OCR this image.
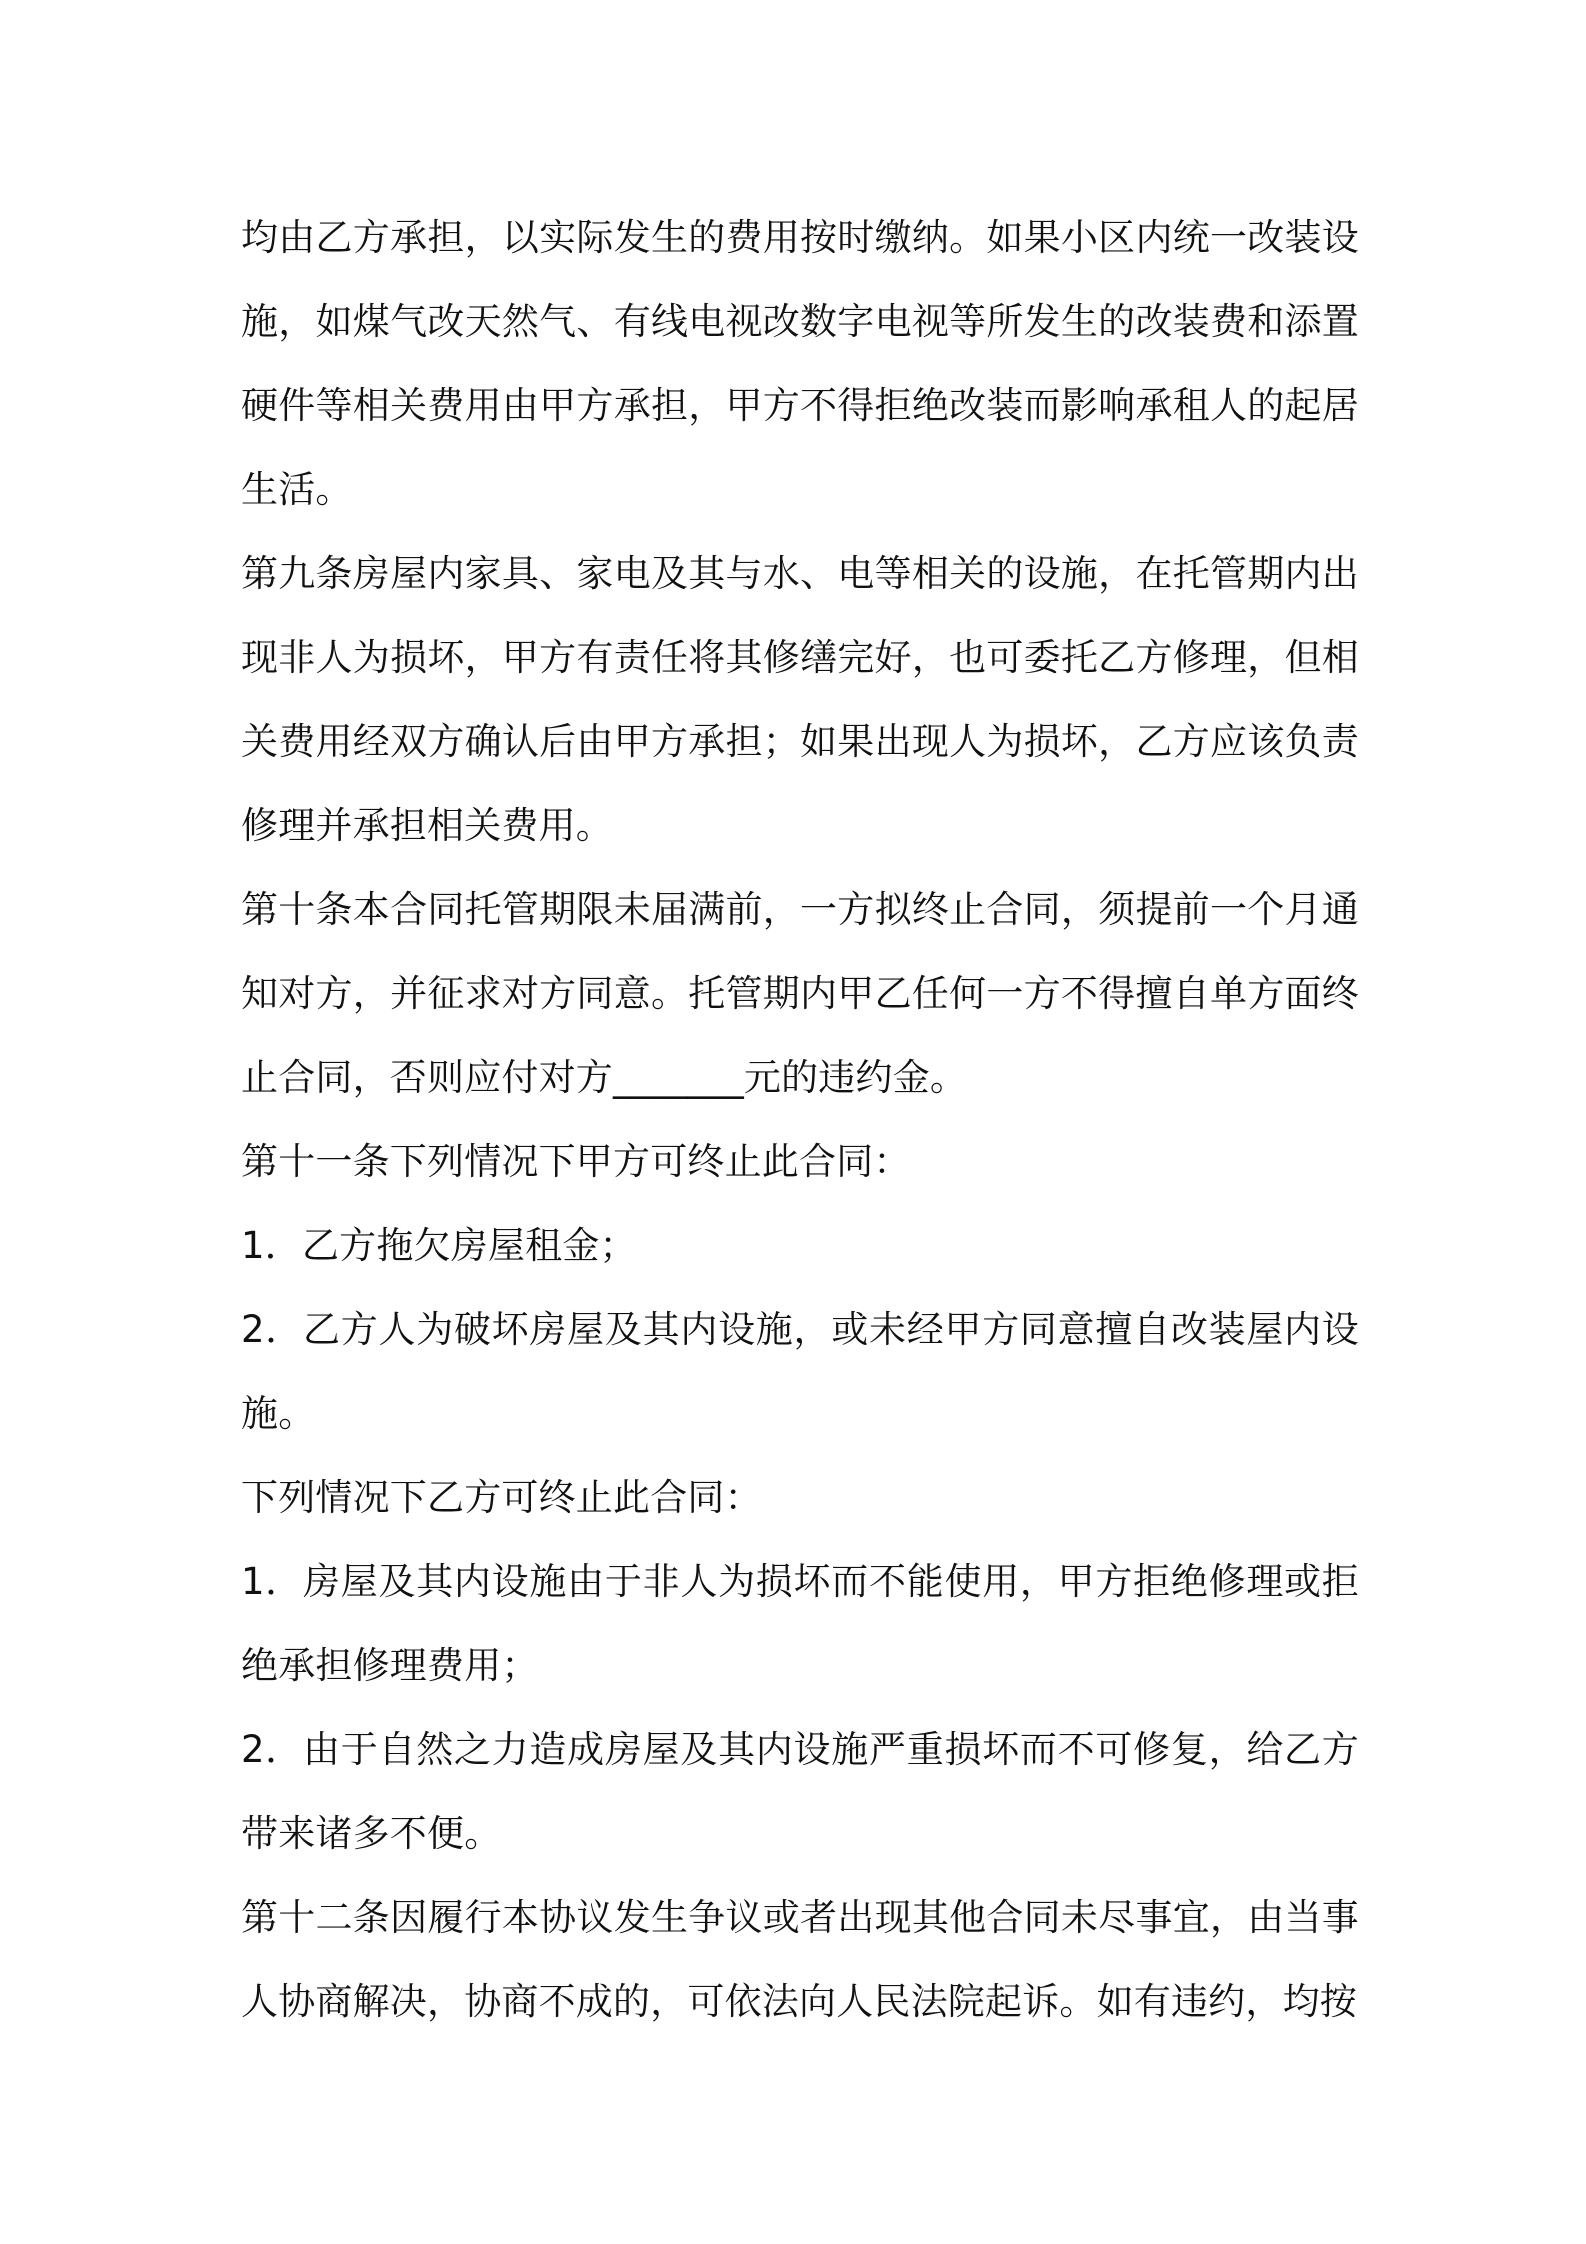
均由乙方承担，以实际发生的费用按时缴纳。如果小区内统一改装设施，如煤气改天然气、有线电视改数字电视等所发生的改装费和添置硬件等相关费用由甲方承担，甲方不得拒绝改装而影响承租人的起居生活。

第九条房屋内家具、家电及其与水、电等相关的设施，在托管期内出现非人为损坏，甲方有责任将其修缮完好，也可委托乙方修理，但相关费用经双方确认后由甲方承担；如果出现人为损坏，乙方应该负责修理并承担相关费用。

第十条本合同托管期限未届满前，一方拟终止合同，须提前一个月通知对方，并征求对方同意。托管期内甲乙任何一方不得擅自单方面终止合同，否则应付对方_______元的违约金。

第十一条下列情况下甲方可终止此合同：

1．乙方拖欠房屋租金；

2．乙方人为破坏房屋及其内设施，或未经甲方同意擅自改装屋内设施。

下列情况下乙方可终止此合同：

1．房屋及其内设施由于非人为损坏而不能使用，甲方拒绝修理或拒绝承担修理费用；

2．由于自然之力造成房屋及其内设施严重损坏而不可修复，给乙方带来诸多不便。

第十二条因履行本协议发生争议或者出现其他合同未尽事宜，由当事人协商解决，协商不成的，可依法向人民法院起诉。如有违约，均按
